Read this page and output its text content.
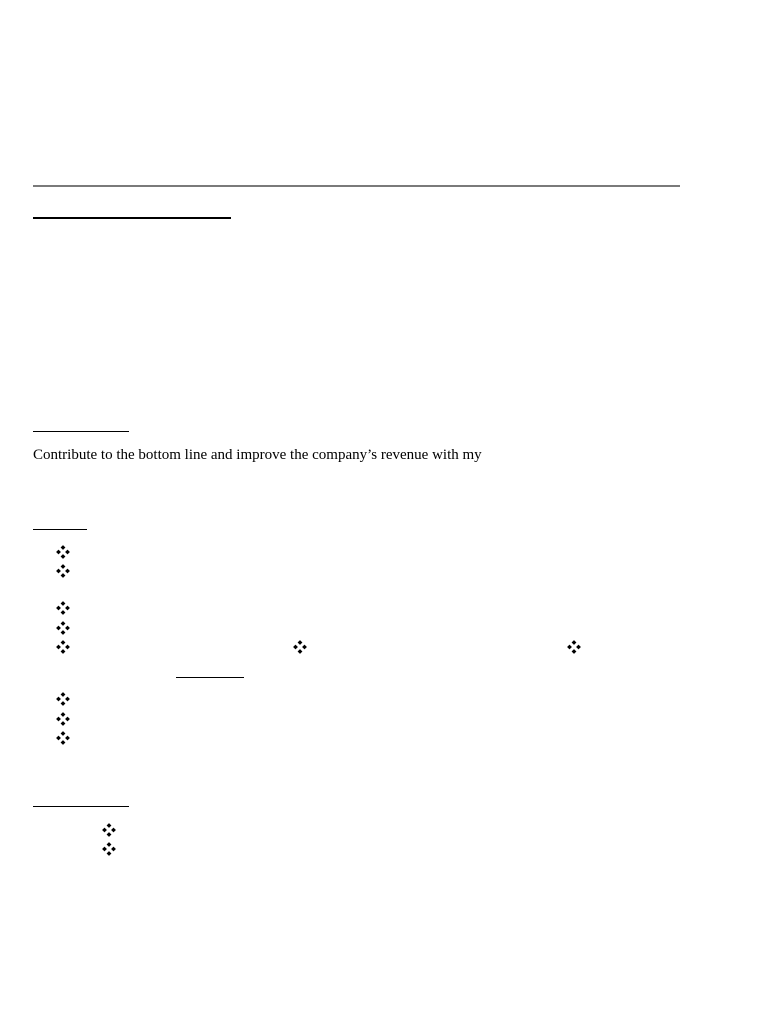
Contribute to the bottom line and improve the company’s revenue with my
